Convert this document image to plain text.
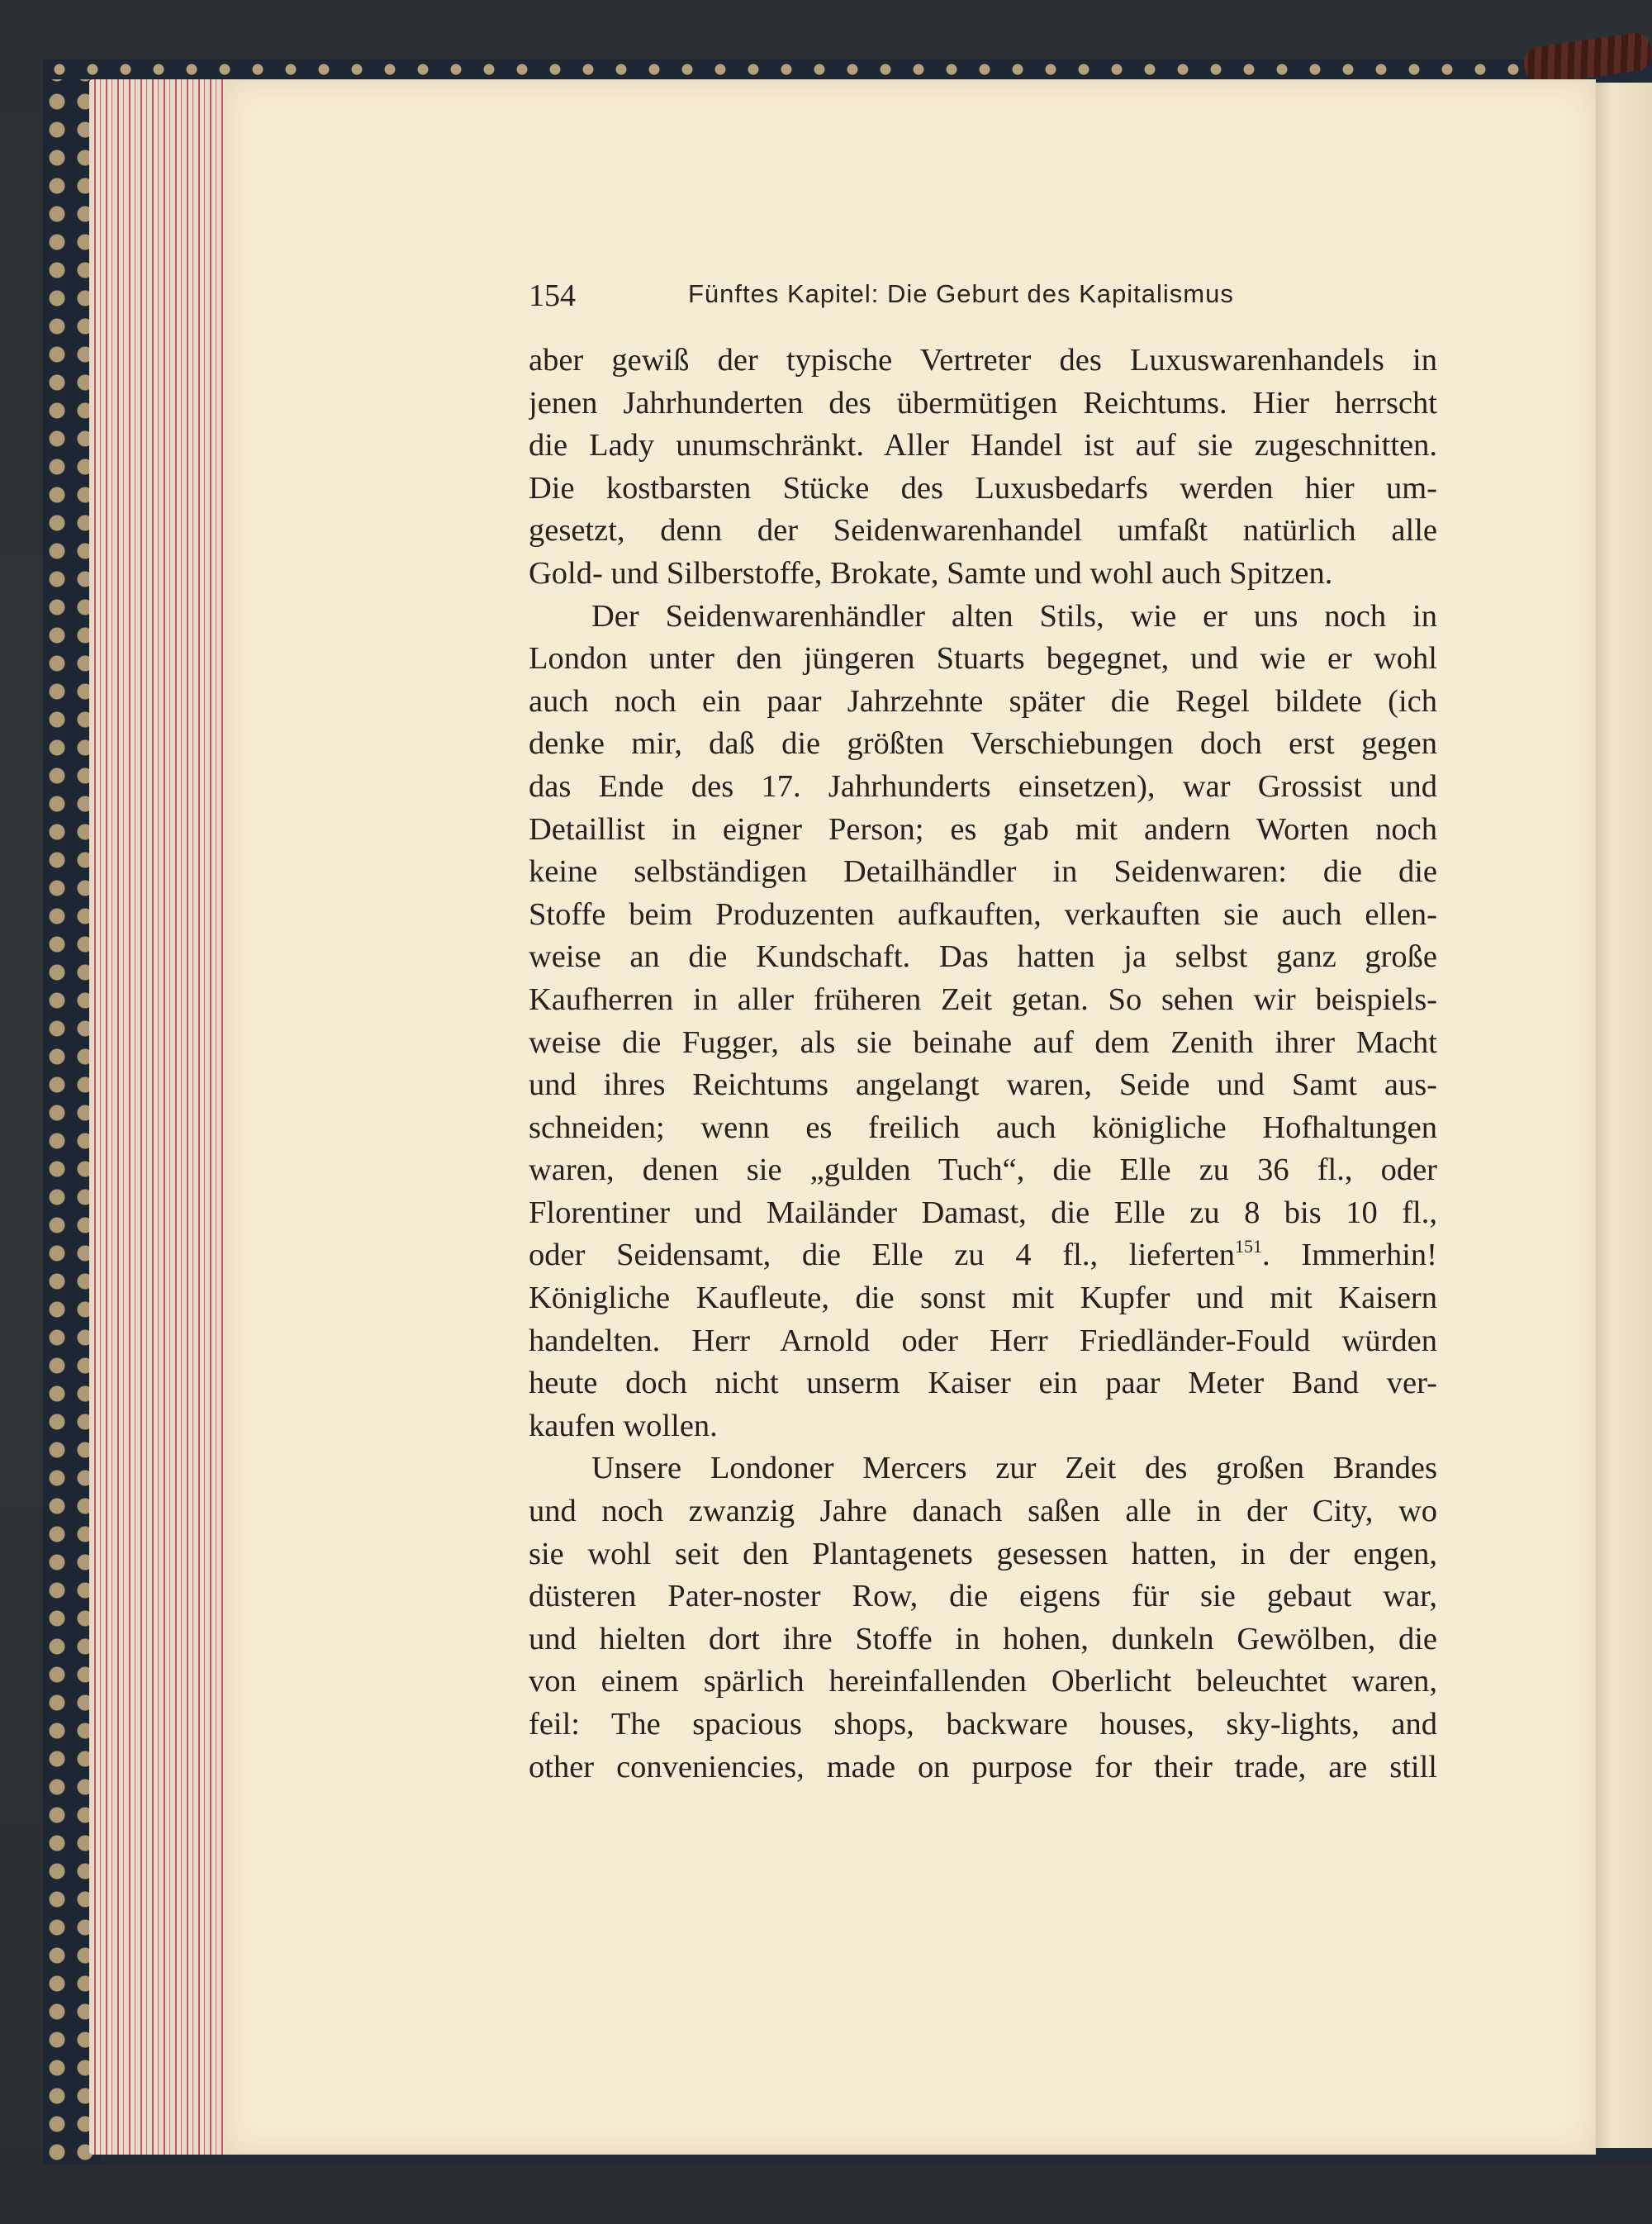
154	Fünftes Kapitel: Die Geburt des Kapitalismus
aber gewiß der typische Vertreter des Luxuswarenhandels in
jenen Jahrhunderten des übermütigen Reichtums. Hier herrscht
die Lady unumschränkt. Aller Handel ist auf sie zugeschnitten.
Die kostbarsten Stücke des Luxusbedarfs werden hier um-
gesetzt, denn der Seidenwarenhandel umfaßt natürlich alle
Gold- und Silberstoffe, Brokate, Samte und wohl auch Spitzen.
Der Seidenwarenhändler alten Stils, wie er uns noch in
London unter den jüngeren Stuarts begegnet, und wie er wohl
auch noch ein paar Jahrzehnte später die Regel bildete (ich
denke mir, daß die größten Verschiebungen doch erst gegen
das Ende des 17. Jahrhunderts einsetzen), war Grossist und
Detaillist in eigner Person; es gab mit andern Worten noch
keine selbständigen Detailhändler in Seidenwaren: die die
Stoffe beim Produzenten aufkauften, verkauften sie auch ellen-
weise an die Kundschaft. Das hatten ja selbst ganz große
Kaufherren in aller früheren Zeit getan. So sehen wir beispiels-
weise die Fugger, als sie beinahe auf dem Zenith ihrer Macht
und ihres Reichtums angelangt waren, Seide und Samt aus-
schneiden; wenn es freilich auch königliche Hofhaltungen
waren, denen sie „gulden Tuch“, die Elle zu 36 fl., oder
Florentiner und Mailänder Damast, die Elle zu 8 bis 10 fl.,
oder Seidensamt, die Elle zu 4 fl., lieferten$^{151}$. Immerhin!
Königliche Kaufleute, die sonst mit Kupfer und mit Kaisern
handelten. Herr Arnold oder Herr Friedländer-Fould würden
heute doch nicht unserm Kaiser ein paar Meter Band ver-
kaufen wollen.
Unsere Londoner Mercers zur Zeit des großen Brandes
und noch zwanzig Jahre danach saßen alle in der City, wo
sie wohl seit den Plantagenets gesessen hatten, in der engen,
düsteren Pater-noster Row, die eigens für sie gebaut war,
und hielten dort ihre Stoffe in hohen, dunkeln Gewölben, die
von einem spärlich hereinfallenden Oberlicht beleuchtet waren,
feil: The spacious shops, backware houses, sky-lights, and
other conveniencies, made on purpose for their trade, are still
